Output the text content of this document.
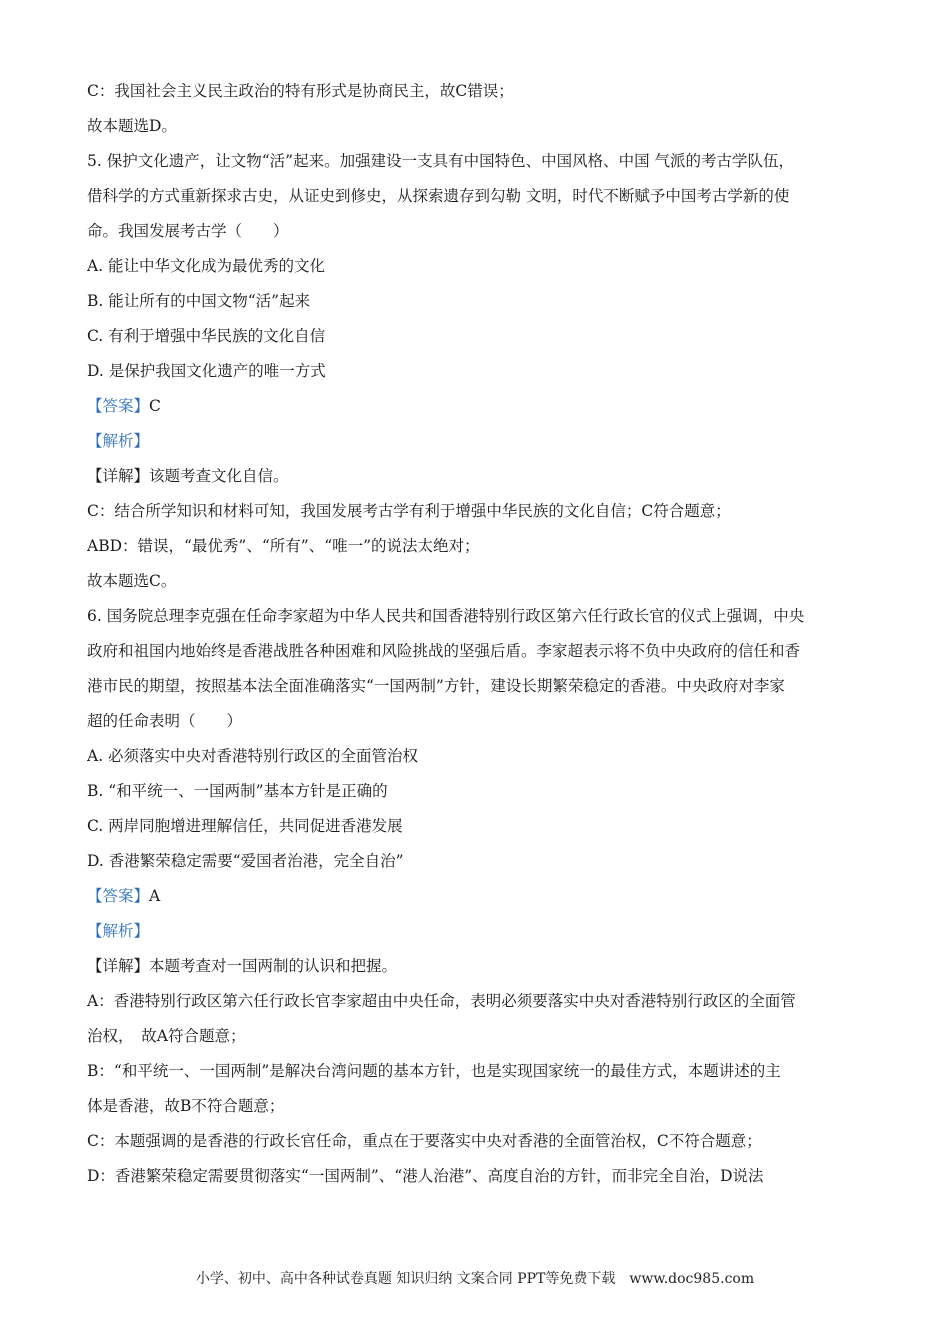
C：我国社会主义民主政治的特有形式是协商民主，故C错误；
故本题选D。
5. 保护文化遗产，让文物“活”起来。加强建设一支具有中国特色、中国风格、中国 气派的考古学队伍，
借科学的方式重新探求古史，从证史到修史，从探索遗存到勾勒 文明，时代不断赋予中国考古学新的使
命。我国发展考古学（　　）
A. 能让中华文化成为最优秀的文化
B. 能让所有的中国文物“活”起来
C. 有利于增强中华民族的文化自信
D. 是保护我国文化遗产的唯一方式
【答案】C
【解析】
【详解】该题考查文化自信。
C：结合所学知识和材料可知，我国发展考古学有利于增强中华民族的文化自信；C符合题意；
ABD：错误，“最优秀”、“所有”、“唯一”的说法太绝对；
故本题选C。
6. 国务院总理李克强在任命李家超为中华人民共和国香港特别行政区第六任行政长官的仪式上强调，中央
政府和祖国内地始终是香港战胜各种困难和风险挑战的坚强后盾。李家超表示将不负中央政府的信任和香
港市民的期望，按照基本法全面准确落实“一国两制”方针，建设长期繁荣稳定的香港。中央政府对李家
超的任命表明（　　）
A. 必须落实中央对香港特别行政区的全面管治权
B. “和平统一、一国两制”基本方针是正确的
C. 两岸同胞增进理解信任，共同促进香港发展
D. 香港繁荣稳定需要“爱国者治港，完全自治”
【答案】A
【解析】
【详解】本题考查对一国两制的认识和把握。
A：香港特别行政区第六任行政长官李家超由中央任命，表明必须要落实中央对香港特别行政区的全面管
治权，　故A符合题意；
B：“和平统一、一国两制”是解决台湾问题的基本方针，也是实现国家统一的最佳方式，本题讲述的主
体是香港，故B不符合题意；
C：本题强调的是香港的行政长官任命，重点在于要落实中央对香港的全面管治权，C不符合题意；
D：香港繁荣稳定需要贯彻落实“一国两制”、“港人治港”、高度自治的方针，而非完全自治，D说法
小学、初中、高中各种试卷真题 知识归纳 文案合同 PPT等免费下载 www.doc985.com
